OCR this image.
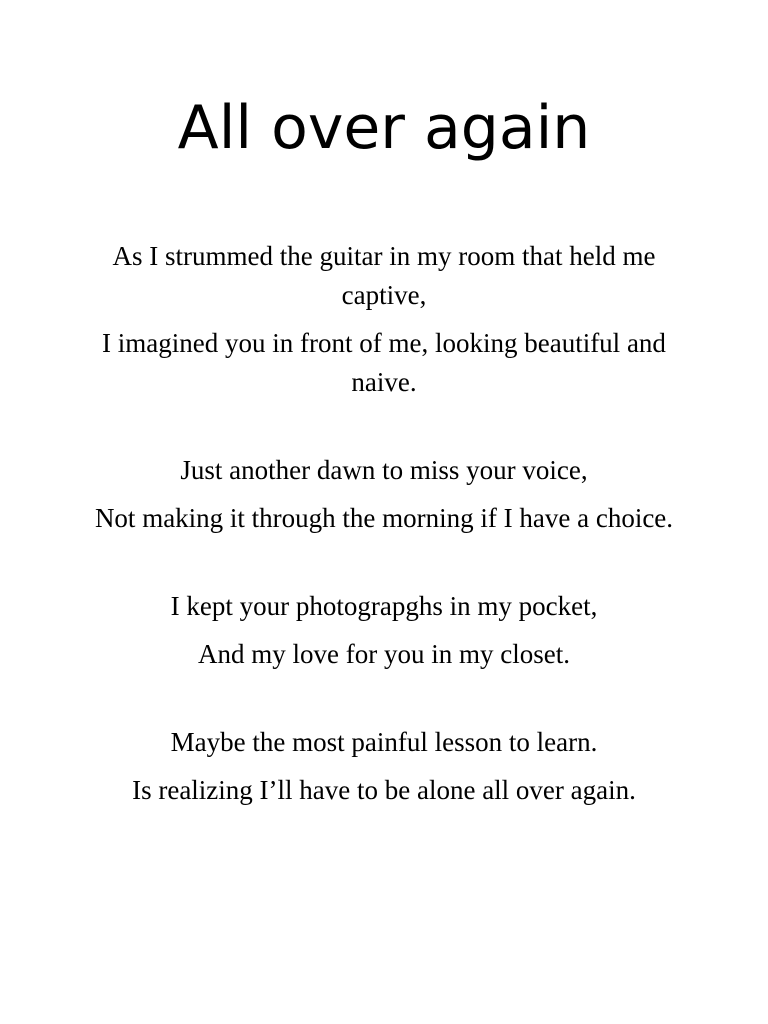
All over again

As I strummed the guitar in my room that held me captive,

I imagined you in front of me, looking beautiful and naive.

Just another dawn to miss your voice,

Not making it through the morning if I have a choice.

I kept your photograpghs in my pocket,

And my love for you in my closet.

Maybe the most painful lesson to learn.

Is realizing I’ll have to be alone all over again.
